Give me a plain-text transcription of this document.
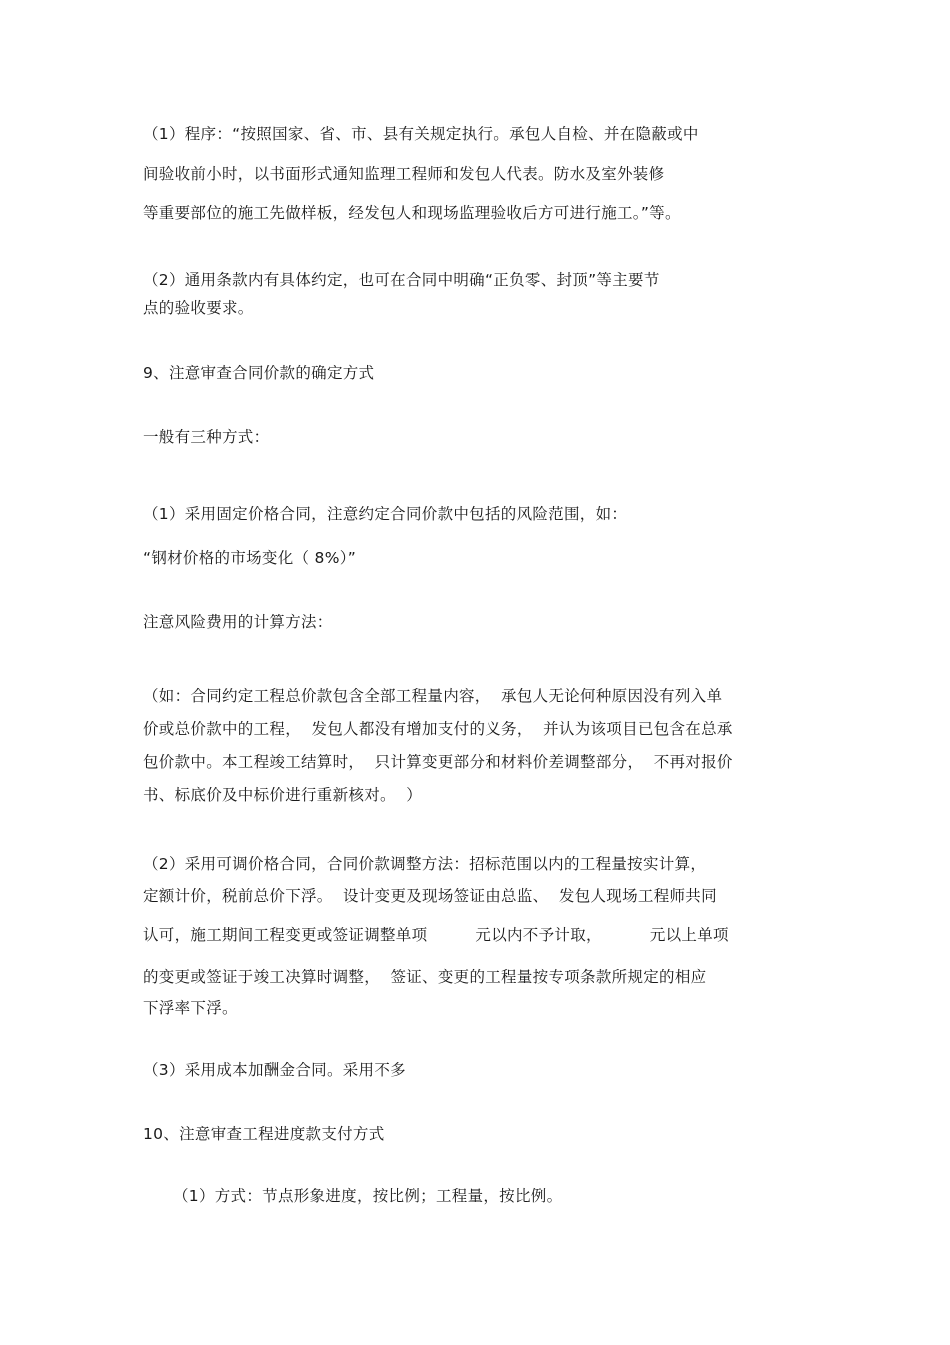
（1）程序：“按照国家、省、市、县有关规定执行。承包人自检、并在隐蔽或中
间验收前小时，以书面形式通知监理工程师和发包人代表。防水及室外装修
等重要部位的施工先做样板，经发包人和现场监理验收后方可进行施工。”等。
（2）通用条款内有具体约定，也可在合同中明确“正负零、封顶”等主要节
点的验收要求。
9、注意审查合同价款的确定方式
一般有三种方式：
（1）采用固定价格合同，注意约定合同价款中包括的风险范围，如：
“钢材价格的市场变化（ 8%）”
注意风险费用的计算方法：
（如：合同约定工程总价款包含全部工程量内容，  承包人无论何种原因没有列入单
价或总价款中的工程，  发包人都没有增加支付的义务，  并认为该项目已包含在总承
包价款中。本工程竣工结算时，  只计算变更部分和材料价差调整部分，  不再对报价
书、标底价及中标价进行重新核对。  ）
（2）采用可调价格合同，合同价款调整方法：招标范围以内的工程量按实计算，
定额计价，税前总价下浮。  设计变更及现场签证由总监、  发包人现场工程师共同
认可，施工期间工程变更或签证调整单项	元以内不予计取，	元以上单项
的变更或签证于竣工决算时调整，  签证、变更的工程量按专项条款所规定的相应
下浮率下浮。
（3）采用成本加酬金合同。采用不多
10、注意审查工程进度款支付方式
（1）方式：节点形象进度，按比例；工程量，按比例。
